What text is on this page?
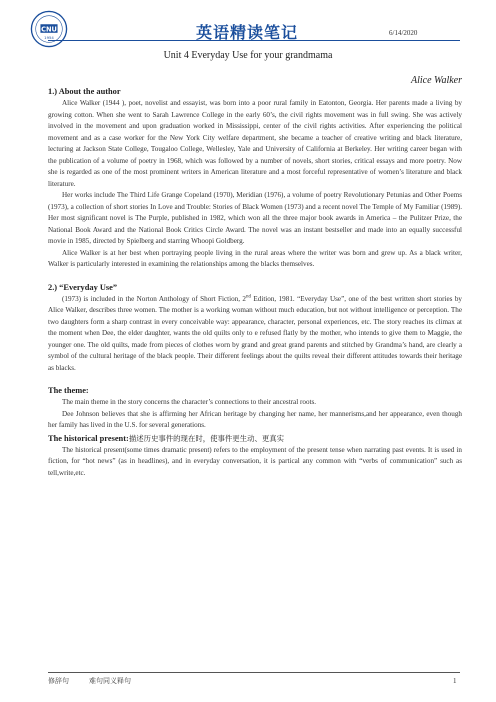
CNU
1954	英语精读笔记	6/14/2020
Unit 4 Everyday Use for your grandmama
Alice Walker
1.) About the author

Alice Walker (1944 ), poet, novelist and essayist, was born into a poor rural family in Eatonton, Georgia. Her parents made a living by growing cotton. When she went to Sarah Lawrence College in the early 60’s, the civil rights movement was in full swing. She was actively involved in the movement and upon graduation worked in Mississippi, center of the civil rights activities. After experiencing the political movement and as a case worker for the New York City welfare department, she became a teacher of creative writing and black literature, lecturing at Jackson State College, Tougaloo College, Wellesley, Yale and University of California at Berkeley. Her writing career began with the publication of a volume of poetry in 1968, which was followed by a number of novels, short stories, critical essays and more poetry. Now she is regarded as one of the most prominent writers in American literature and a most forceful representative of women’s literature and black literature.

Her works include The Third Life Grange Copeland (1970), Meridian (1976), a volume of poetry Revolutionary Petunias and Other Poems (1973), a collection of short stories In Love and Trouble: Stories of Black Women (1973) and a recent novel The Temple of My Familiar (1989). Her most significant novel is The Purple, published in 1982, which won all the three major book awards in America – the Pulitzer Prize, the National Book Award and the National Book Critics Circle Award. The novel was an instant bestseller and made into an equally successful movie in 1985, directed by Spielberg and starring Whoopi Goldberg.

Alice Walker is at her best when portraying people living in the rural areas where the writer was born and grew up. As a black writer, Walker is particularly interested in examining the relationships among the blacks themselves.

2.) “Everyday Use”

(1973) is included in the Norton Anthology of Short Fiction, 2nd Edition, 1981. “Everyday Use”, one of the best written short stories by Alice Walker, describes three women. The mother is a working woman without much education, but not without intelligence or perception. The two daughters form a sharp contrast in every conceivable way: appearance, character, personal experiences, etc. The story reaches its climax at the moment when Dee, the elder daughter, wants the old quilts only to e refused flatly by the mother, who intends to give them to Maggie, the younger one. The old quilts, made from pieces of clothes worn by grand and great grand parents and stitched by Grandma’s hand, are clearly a symbol of the cultural heritage of the black people. Their different feelings about the quilts reveal their different attitudes towards their heritage as blacks.

The theme:

The main theme in the story concerns the character’s connections to their ancestral roots.

Dee Johnson believes that she is affirming her African heritage by changing her name, her mannerisms,and her appearance, even though her family has lived in the U.S. for several generations.

The historical present:描述历史事件的现在时，使事件更生动、更真实

The historical present(some times dramatic present) refers to the employment of the present tense when narrating past events. It is used in fiction, for “hot news” (as in headlines), and in everyday conversation, it is partical any common with “verbs of communication” such as tell,write,etc.

修辞句	难句同义释句	1
